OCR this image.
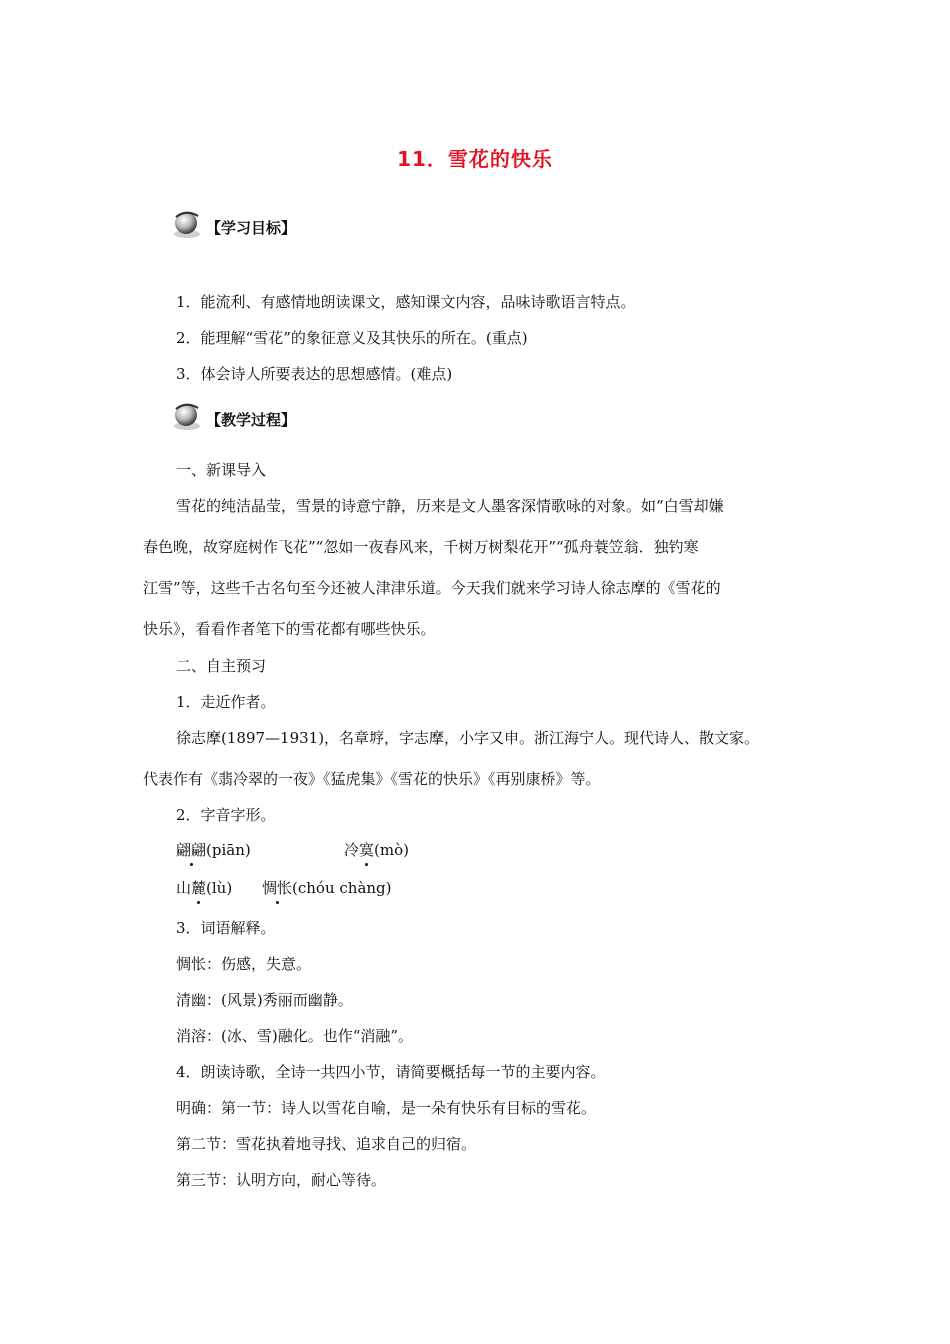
11．雪花的快乐
【学习目标】
1．能流利、有感情地朗读课文，感知课文内容，品味诗歌语言特点。
2．能理解“雪花”的象征意义及其快乐的所在。(重点)
3．体会诗人所要表达的思想感情。(难点)
【教学过程】
一、新课导入
雪花的纯洁晶莹，雪景的诗意宁静，历来是文人墨客深情歌咏的对象。如“白雪却嫌
春色晚，故穿庭树作飞花”“忽如一夜春风来，千树万树梨花开”“孤舟蓑笠翁．独钓寒
江雪”等，这些千古名句至今还被人津津乐道。今天我们就来学习诗人徐志摩的《雪花的
快乐》，看看作者笔下的雪花都有哪些快乐。
二、自主预习
1．走近作者。
徐志摩(1897—1931)，名章垿，字志摩，小字又申。浙江海宁人。现代诗人、散文家。
代表作有《翡冷翠的一夜》《猛虎集》《雪花的快乐》《再别康桥》等。
2．字音字形。
翩翩(piān)	冷寞(mò)
山麓(lù) 惆怅(chóu chàng)
3．词语解释。
惆怅：伤感，失意。
清幽：(风景)秀丽而幽静。
消溶：(冰、雪)融化。也作“消融”。
4．朗读诗歌，全诗一共四小节，请简要概括每一节的主要内容。
明确：第一节：诗人以雪花自喻，是一朵有快乐有目标的雪花。
第二节：雪花执着地寻找、追求自己的归宿。
第三节：认明方向，耐心等待。
